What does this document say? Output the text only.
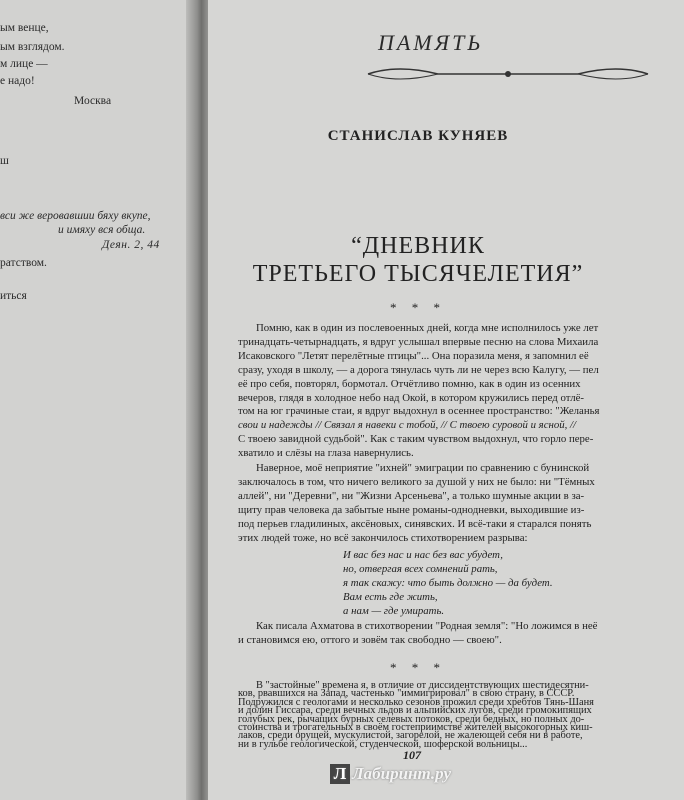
ым венце,
ым взглядом.
м лице —
е надо!
Москва
ш
вси же веровавшии бяху вкупе,
и имяху вся обща.
Деян. 2, 44
ратством.
иться
ПАМЯТЬ
СТАНИСЛАВ КУНЯЕВ
“ДНЕВНИК
ТРЕТЬЕГО ТЫСЯЧЕЛЕТИЯ”
* * *
Помню, как в один из послевоенных дней, когда мне исполнилось уже лет
тринадцать-четырнадцать, я вдруг услышал впервые песню на слова Михаила
Исаковского "Летят перелётные птицы"... Она поразила меня, я запомнил её
сразу, уходя в школу, — а дорога тянулась чуть ли не через всю Калугу, — пел
её про себя, повторял, бормотал. Отчётливо помню, как в один из осенних
вечеров, глядя в холодное небо над Окой, в котором кружились перед отлё-
том на юг грачиные стаи, я вдруг выдохнул в осеннее пространство: "Желанья
свои и надежды // Связал я навеки с тобой, // С твоею суровой и ясной, //
С твоею завидной судьбой". Как с таким чувством выдохнул, что горло пере-
хватило и слёзы на глаза навернулись.
Наверное, моё неприятие "ихней" эмиграции по сравнению с бунинской
заключалось в том, что ничего великого за душой у них не было: ни "Тёмных
аллей", ни "Деревни", ни "Жизни Арсеньева", а только шумные акции в за-
щиту прав человека да забытые ныне романы-однодневки, выходившие из-
под перьев гладилиных, аксёновых, синявских. И всё-таки я старался понять
этих людей тоже, но всё закончилось стихотворением разрыва:
И вас без нас и нас без вас убудет,
но, отвергая всех сомнений рать,
я так скажу: что быть должно — да будет.
Вам есть где жить,
а нам — где умирать.
Как писала Ахматова в стихотворении "Родная земля": "Но ложимся в неё
и становимся ею, оттого и зовём так свободно — своею".
* * *
В "застойные" времена я, в отличие от диссидентствующих шестидесятни-
ков, рвавшихся на Запад, частенько "иммигрировал" в свою страну, в СССР.
Подружился с геологами и несколько сезонов прожил среди хребтов Тянь-Шаня
и долин Гиссара, среди вечных льдов и альпийских лугов, среди громокипящих
голубых рек, рычащих бурных селевых потоков, среди бедных, но полных до-
стоинства и трогательных в своём гостеприимстве жителей высокогорных киш-
лаков, среди орущей, мускулистой, загорелой, не жалеющей себя ни в работе,
ни в гульбе геологической, студенческой, шоферской вольницы...
107
Л Лабиринт.ру
